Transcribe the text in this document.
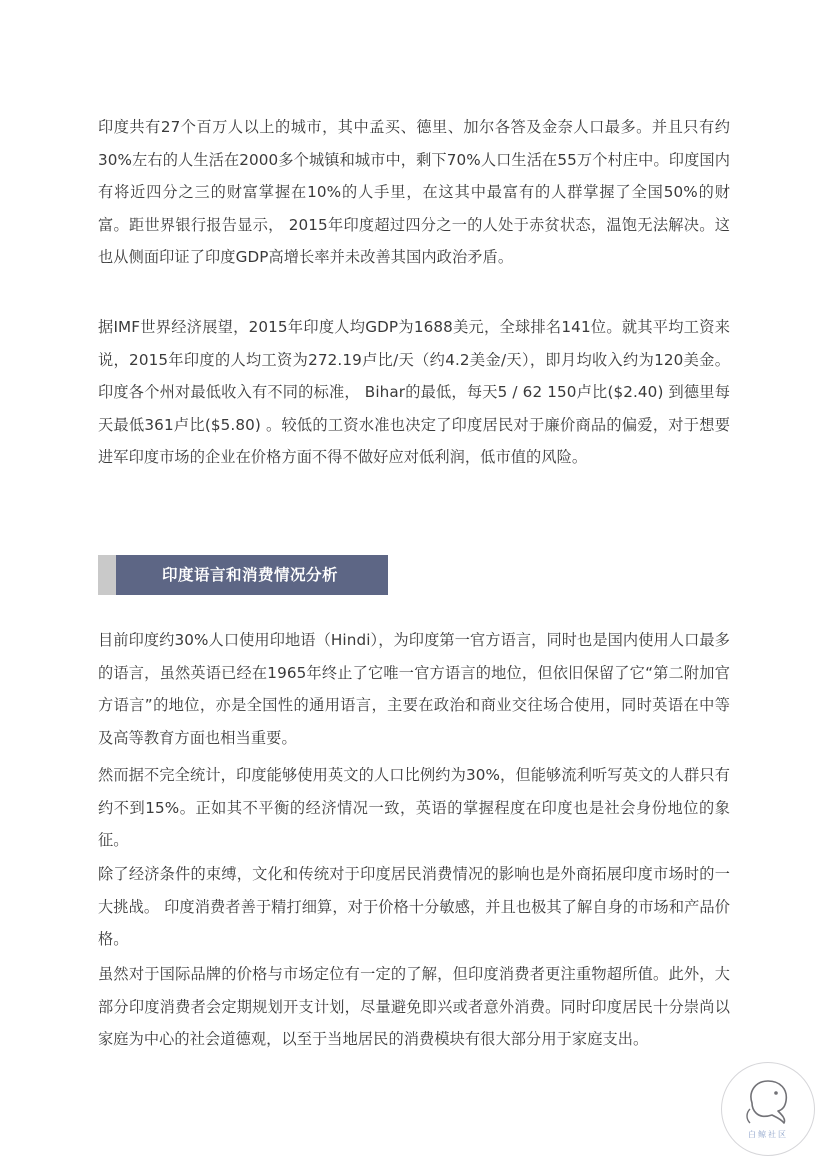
印度共有27个百万人以上的城市，其中孟买、德里、加尔各答及金奈人口最多。并且只有约30%左右的人生活在2000多个城镇和城市中，剩下70%人口生活在55万个村庄中。印度国内有将近四分之三的财富掌握在10%的人手里，在这其中最富有的人群掌握了全国50%的财富。距世界银行报告显示， 2015年印度超过四分之一的人处于赤贫状态，温饱无法解决。这也从侧面印证了印度GDP高增长率并未改善其国内政治矛盾。

据IMF世界经济展望，2015年印度人均GDP为1688美元，全球排名141位。就其平均工资来说，2015年印度的人均工资为272.19卢比/天（约4.2美金/天），即月均收入约为120美金。印度各个州对最低收入有不同的标准， Bihar的最低，每天5 / 62 150卢比($2.40) 到德里每天最低361卢比($5.80) 。较低的工资水准也决定了印度居民对于廉价商品的偏爱，对于想要进军印度市场的企业在价格方面不得不做好应对低利润，低市值的风险。

印度语言和消费情况分析

目前印度约30%人口使用印地语（Hindi），为印度第一官方语言，同时也是国内使用人口最多的语言，虽然英语已经在1965年终止了它唯一官方语言的地位，但依旧保留了它“第二附加官方语言”的地位，亦是全国性的通用语言，主要在政治和商业交往场合使用，同时英语在中等及高等教育方面也相当重要。

然而据不完全统计，印度能够使用英文的人口比例约为30%，但能够流利听写英文的人群只有约不到15%。正如其不平衡的经济情况一致，英语的掌握程度在印度也是社会身份地位的象征。

除了经济条件的束缚，文化和传统对于印度居民消费情况的影响也是外商拓展印度市场时的一大挑战。 印度消费者善于精打细算，对于价格十分敏感，并且也极其了解自身的市场和产品价格。

虽然对于国际品牌的价格与市场定位有一定的了解，但印度消费者更注重物超所值。此外，大部分印度消费者会定期规划开支计划，尽量避免即兴或者意外消费。同时印度居民十分崇尚以家庭为中心的社会道德观，以至于当地居民的消费模块有很大部分用于家庭支出。

白鲸社区
